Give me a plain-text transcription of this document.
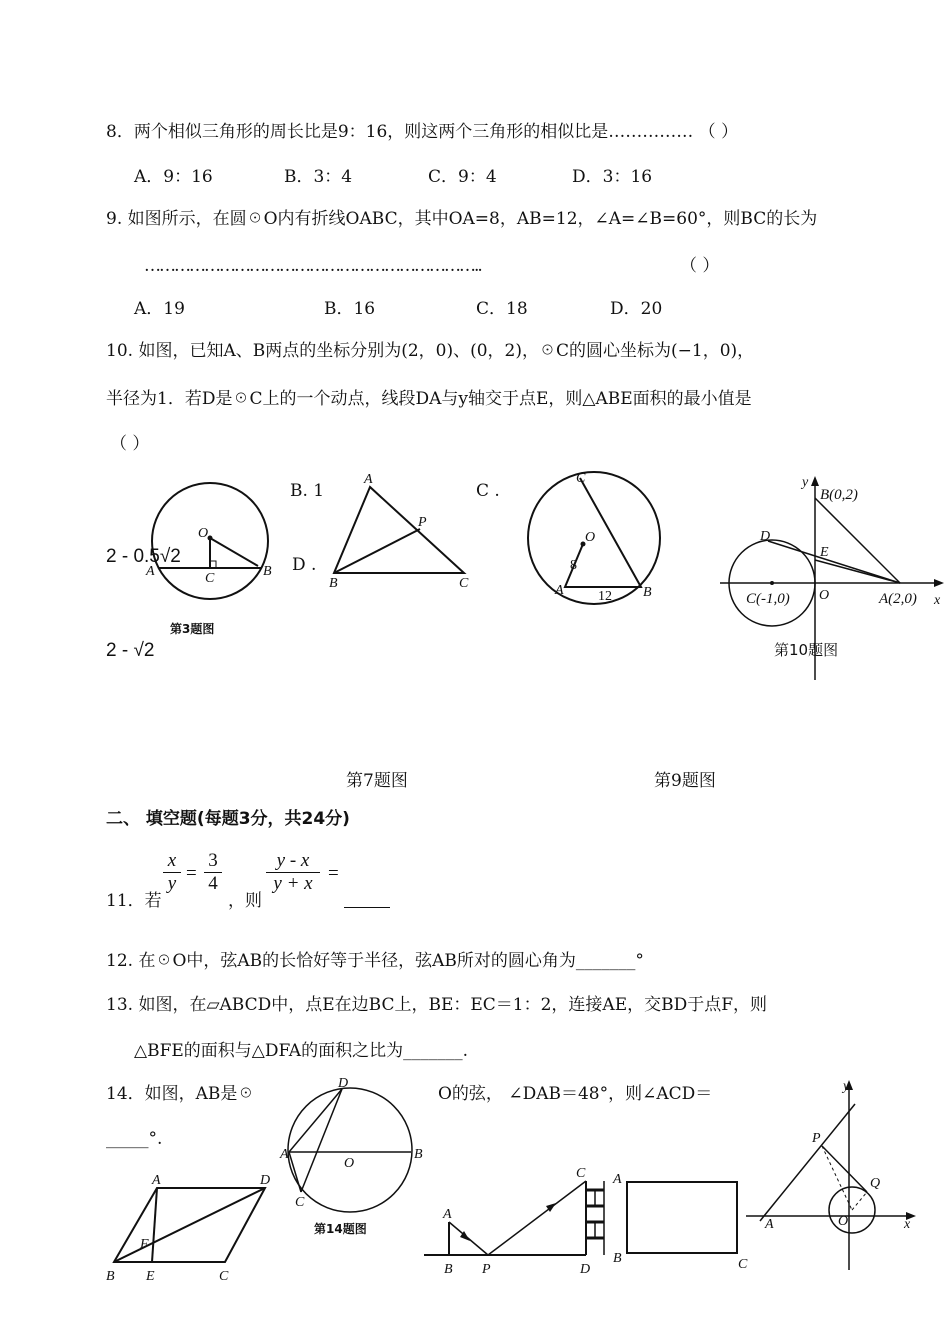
8．两个相似三角形的周长比是9：16，则这两个三角形的相似比是…………… （ ）
A．9：16	B．3：4	C．9：4	D．3：16
9. 如图所示，在圆☉O内有折线OABC，其中OA=8，AB=12，∠A=∠B=60°，则BC的长为
…………………………………………………………..	（ ）
A．19	B．16	C．18	D．20
10. 如图，已知A、B两点的坐标分别为(2，0)、(0，2)，☉C的圆心坐标为(−1，0)，
半径为1．若D是☉C上的一个动点，线段DA与y轴交于点E，则△ABE面积的最小值是
（ ）
B. 1	C .
D .
2 - 0.5√2
2 - √2
O
A	B
C
第3题图
A
P
B	C
O
8
A 12 B
C	y
B(0,2)
D
E
C(-1,0) O	A(2,0) x
第10题图
第7题图	第9题图
二、 填空题(每题3分，共24分)
11．若
x
y =
3
4
，则
y - x
y + x =
12. 在☉O中，弦AB的长恰好等于半径，弦AB所对的圆心角为_______°
13. 如图，在▱ABCD中，点E在边BC上，BE：EC＝1：2，连接AE，交BD于点F，则
△BFE的面积与△DFA的面积之比为_______.
14．如图，AB是☉	O的弦， ∠DAB＝48°，则∠ACD＝
_____°.
D
A	B
O
C
第14题图
A	D
F
B E	C
A
B P
C
D
A
B	C
y
P
Q
O
A	x
